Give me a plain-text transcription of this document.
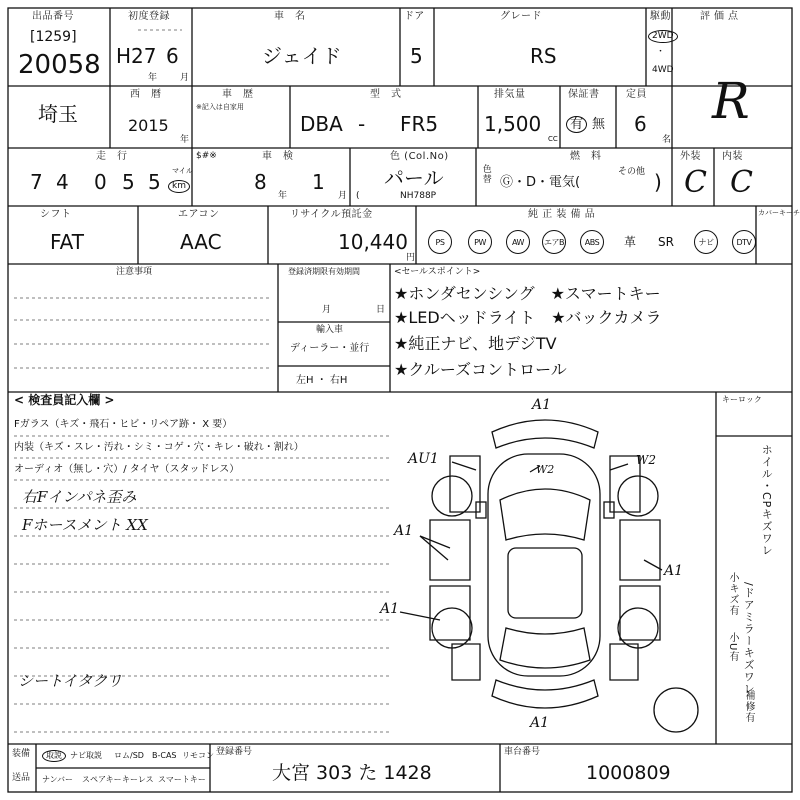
出品番号
[1259]
20058
初度登録
H27 6
年	月
車　名
ジェイド
ドア
5
グレード
RS
駆動
2WD
・
4WD
評価点
R
埼玉
西　暦
2015
年
車　歴
※記入は自家用
型　式
DBA - FR5
排気量
1,500
CC
保証書
有 無
定員
6
名
走　行
7 4 0 5 5 マイル
km
$#※	車　検
8
年
1
月
色 (Col.No)
パール
(	NH788P
色替
燃　料
Ⓖ・D・電気(
その他 )
外装
C
内装
C
シフト
FAT
エアコン
AAC
リサイクル預託金
10,440
円
純 正 装 備 品	カバーキーチ
PS	PW	AW	エアB	ABS	革 SR	ナビ	DTV
注意事項	登録済期限有効期間
月	日
輸入車
ディーラー・並行
左H ・ 右H
<セールスポイント>
★ホンダセンシング　★スマートキー
★LEDヘッドライト　★バックカメラ
★純正ナビ、地デジTV
★クルーズコントロール
< 検査員記入欄 >
Fガラス（キズ・飛石・ヒビ・リペア跡・ X 要）
内装（キズ・スレ・汚れ・シミ・コゲ・穴・キレ・破れ・割れ）
オーディオ（無し・穴）/ タイヤ（スタッドレス）
右Fインパネ歪み
Fホースメント XX
シートイタクリ
キーロック
ホイル・CPキズワレ
/ドアミラーキズワレ
小キズ有
小U有
補修有
A1
AU1
W2
W2
A1
A1
A1
A1
装備
送品
取説	ナビ取説 ロム/SD B-CAS リモコン
ナンバー スペアキー キーレス スマートキー
登録番号
大宮 303 た 1428
車台番号
1000809
